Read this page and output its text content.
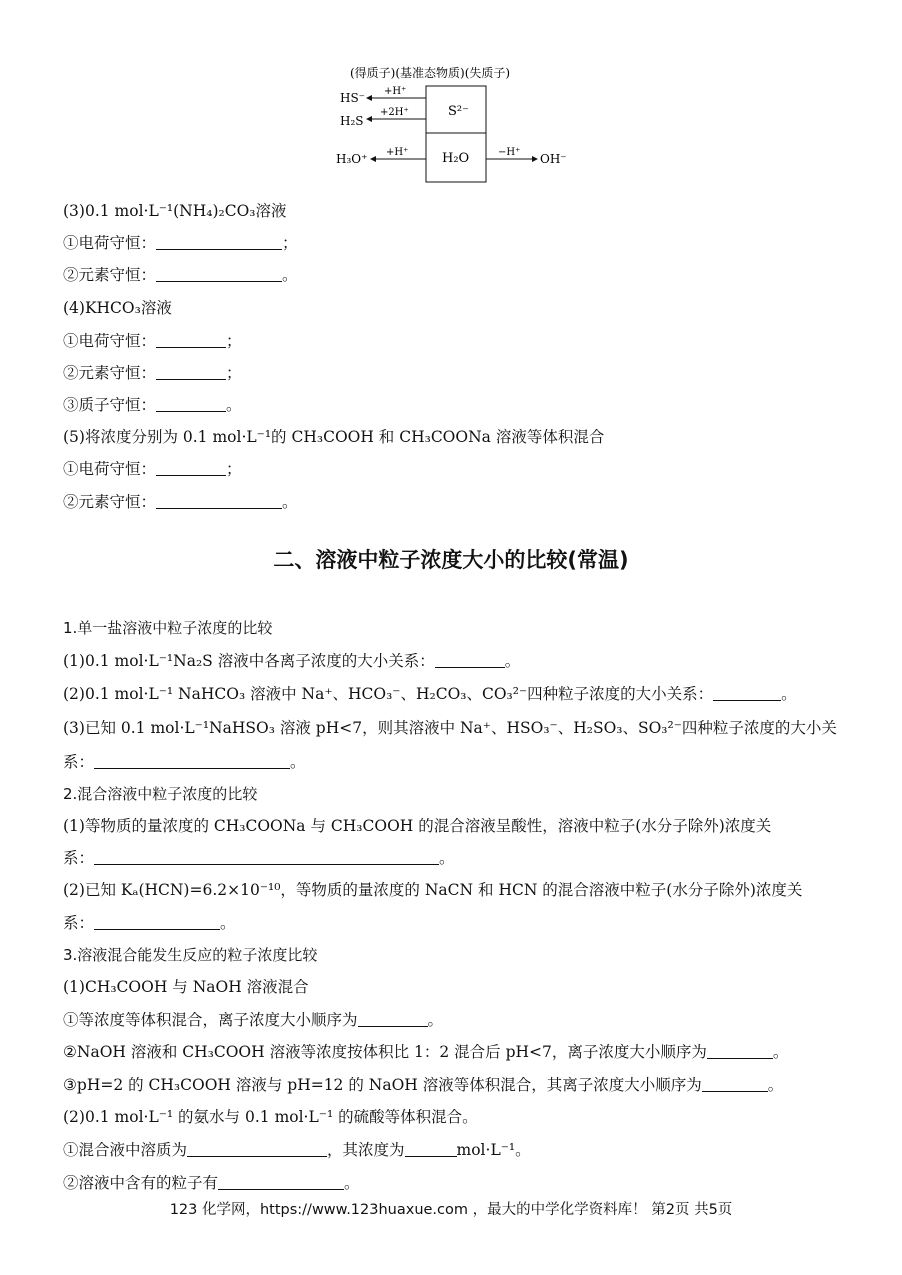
(得质子)(基准态物质)(失质子)
S²⁻
H₂O
HS⁻ +H⁺
H₂S
+2H⁺
H₃O⁺ +H⁺	−H⁺ OH⁻
(3)0.1 mol·L⁻¹(NH₄)₂CO₃溶液
①电荷守恒：	；
②元素守恒：	。
(4)KHCO₃溶液
①电荷守恒：	；
②元素守恒：	；
③质子守恒：	。
(5)将浓度分别为 0.1 mol·L⁻¹的 CH₃COOH 和 CH₃COONa 溶液等体积混合
①电荷守恒：	；
②元素守恒：	。
二、溶液中粒子浓度大小的比较(常温)
1.单一盐溶液中粒子浓度的比较
(1)0.1 mol·L⁻¹Na₂S 溶液中各离子浓度的大小关系：	。
(2)0.1 mol·L⁻¹ NaHCO₃ 溶液中 Na⁺、HCO₃⁻、H₂CO₃、CO₃²⁻四种粒子浓度的大小关系：	。
(3)已知 0.1 mol·L⁻¹NaHSO₃ 溶液 pH<7，则其溶液中 Na⁺、HSO₃⁻、H₂SO₃、SO₃²⁻四种粒子浓度的大小关
系：	。
2.混合溶液中粒子浓度的比较
(1)等物质的量浓度的 CH₃COONa 与 CH₃COOH 的混合溶液呈酸性，溶液中粒子(水分子除外)浓度关
系：	。
(2)已知 Kₐ(HCN)=6.2×10⁻¹⁰，等物质的量浓度的 NaCN 和 HCN 的混合溶液中粒子(水分子除外)浓度关
系：	。
3.溶液混合能发生反应的粒子浓度比较
(1)CH₃COOH 与 NaOH 溶液混合
①等浓度等体积混合，离子浓度大小顺序为	。
②NaOH 溶液和 CH₃COOH 溶液等浓度按体积比 1：2 混合后 pH<7，离子浓度大小顺序为	。
③pH=2 的 CH₃COOH 溶液与 pH=12 的 NaOH 溶液等体积混合，其离子浓度大小顺序为	。
(2)0.1 mol·L⁻¹ 的氨水与 0.1 mol·L⁻¹ 的硫酸等体积混合。
①混合液中溶质为	，其浓度为	mol·L⁻¹。
②溶液中含有的粒子有	。
123 化学网，https://www.123huaxue.com ，最大的中学化学资料库！ 第2页 共5页
